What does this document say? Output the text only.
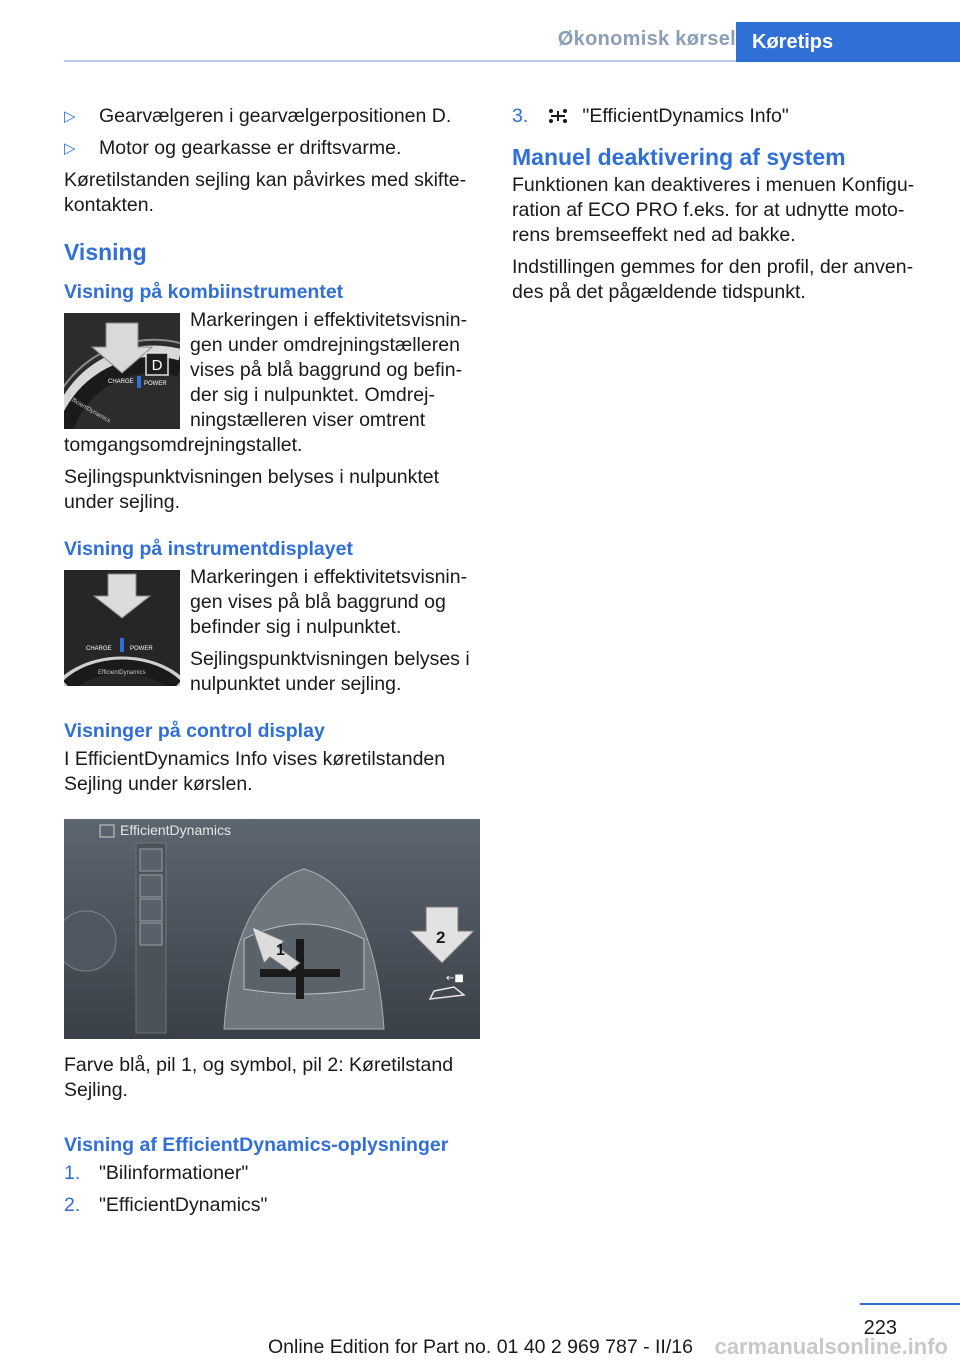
Økonomisk kørsel Køretips
▷ Gearvælgeren i gearvælgerpositionen D.
▷ Motor og gearkasse er driftsvarme.

Køretilstanden sejling kan påvirkes med skiftekontakten.

Visning
Visning på kombiinstrumentet
D
CHARGE POWER
EfficientDynamics

Markeringen i effektivitetsvisningen under omdrejningstælleren vises på blå baggrund og befinder sig i nulpunktet. Omdrejningstælleren viser omtrent tomgangsomdrejningstallet.

Sejlingspunktvisningen belyses i nulpunktet under sejling.

Visning på instrumentdisplayet
CHARGE	POWER
EfficientDynamics

Markeringen i effektivitetsvisningen vises på blå baggrund og befinder sig i nulpunktet.

Sejlingspunktvisningen belyses i nulpunktet under sejling.

Visninger på control display

I EfficientDynamics Info vises køretilstanden Sejling under kørslen.

EfficientDynamics
1
2
←■

Farve blå, pil 1, og symbol, pil 2: Køretilstand Sejling.

Visning af EfficientDynamics-oplysninger
1. "Bilinformationer"
2. "EfficientDynamics"
3.	"EfficientDynamics Info"
Manuel deaktivering af system

Funktionen kan deaktiveres i menuen Konfiguration af ECO PRO f.eks. for at udnytte motorens bremseeffekt ned ad bakke.

Indstillingen gemmes for den profil, der anvendes på det pågældende tidspunkt.

223
Online Edition for Part no. 01 40 2 969 787 - II/16 carmanualsonline.info
